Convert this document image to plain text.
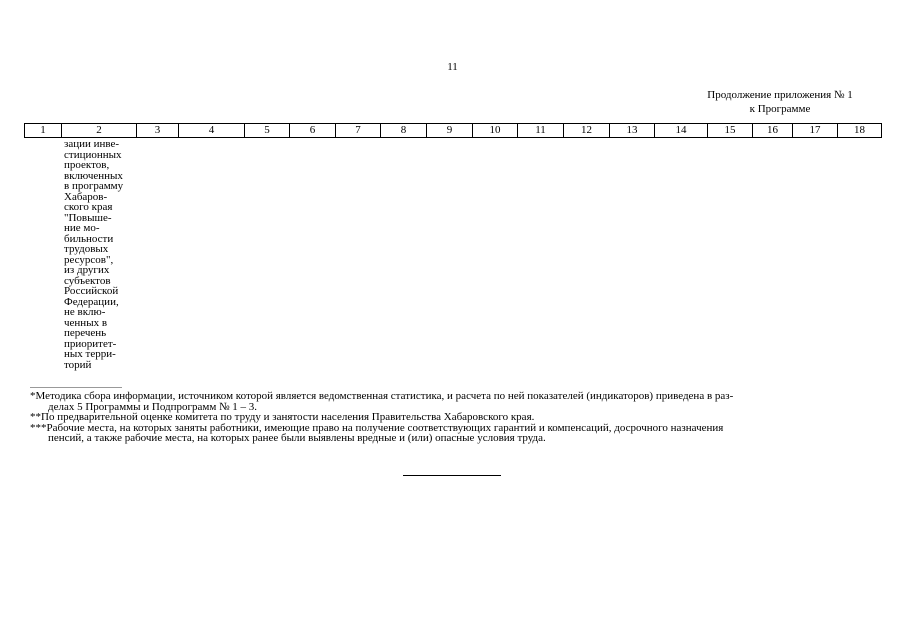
11
Продолжение приложения № 1
к Программе
1	2	3	4	5	6	7	8	9	10	11	12	13	14	15	16	17	18
зации инве-
стиционных
проектов,
включенных
в программу
Хабаров-
ского края
"Повыше-
ние мо-
бильности
трудовых
ресурсов",
из других
субъектов
Российской
Федерации,
не вклю-
ченных в
перечень
приоритет-
ных терри-
торий
*Методика сбора информации, источником которой является ведомственная статистика, и расчета по ней показателей (индикаторов) приведена в раз-
делах 5 Программы и Подпрограмм № 1 – 3.
**По предварительной оценке комитета по труду и занятости населения Правительства Хабаровского края.
***Рабочие места, на которых заняты работники, имеющие право на получение соответствующих гарантий и компенсаций, досрочного назначения
пенсий, а также рабочие места, на которых ранее были выявлены вредные и (или) опасные условия труда.
